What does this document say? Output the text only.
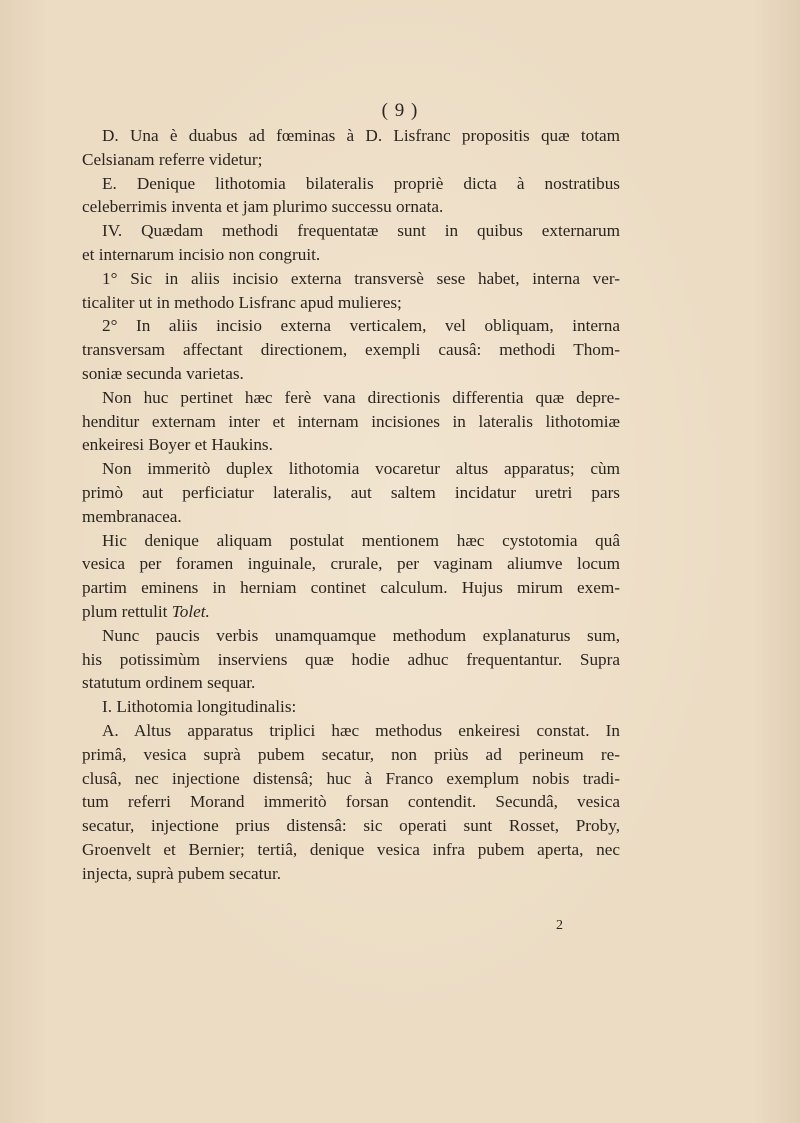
( 9 )
D. Una è duabus ad fœminas à D. Lisfranc propositis quæ totam
Celsianam referre videtur;
E. Denique lithotomia bilateralis propriè dicta à nostratibus
celeberrimis inventa et jam plurimo successu ornata.
IV. Quædam methodi frequentatæ sunt in quibus externarum
et internarum incisio non congruit.
1° Sic in aliis incisio externa transversè sese habet, interna ver-
ticaliter ut in methodo Lisfranc apud mulieres;
2° In aliis incisio externa verticalem, vel obliquam, interna
transversam affectant directionem, exempli causâ: methodi Thom-
soniæ secunda varietas.
Non huc pertinet hæc ferè vana directionis differentia quæ depre-
henditur externam inter et internam incisiones in lateralis lithotomiæ
enkeiresi Boyer et Haukins.
Non immeritò duplex lithotomia vocaretur altus apparatus; cùm
primò aut perficiatur lateralis, aut saltem incidatur uretri pars
membranacea.
Hic denique aliquam postulat mentionem hæc cystotomia quâ
vesica per foramen inguinale, crurale, per vaginam aliumve locum
partim eminens in herniam continet calculum. Hujus mirum exem-
plum rettulit Tolet.
Nunc paucis verbis unamquamque methodum explanaturus sum,
his potissimùm inserviens quæ hodie adhuc frequentantur. Supra
statutum ordinem sequar.
I. Lithotomia longitudinalis:
A. Altus apparatus triplici hæc methodus enkeiresi constat. In
primâ, vesica suprà pubem secatur, non priùs ad perineum re-
clusâ, nec injectione distensâ; huc à Franco exemplum nobis tradi-
tum referri Morand immeritò forsan contendit. Secundâ, vesica
secatur, injectione prius distensâ: sic operati sunt Rosset, Proby,
Groenvelt et Bernier; tertiâ, denique vesica infra pubem aperta, nec
injecta, suprà pubem secatur.
2
